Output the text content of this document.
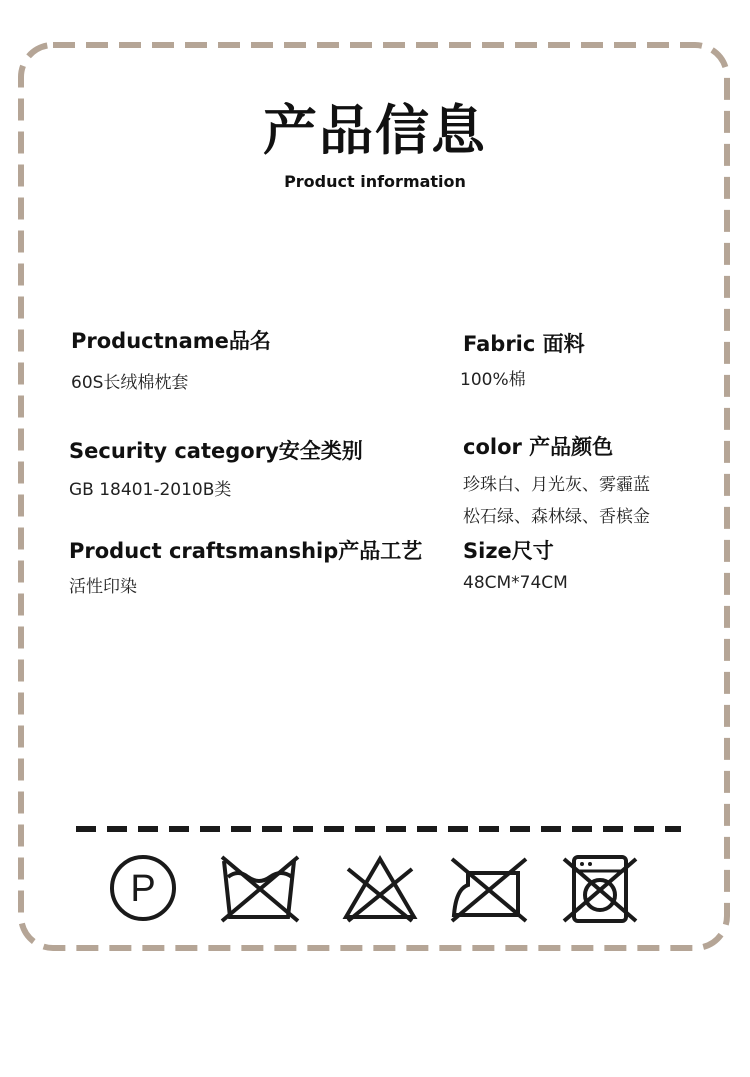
产品信息
Product information
Productname品名
60S长绒棉枕套
Security category安全类别
GB 18401-2010B类
Product craftsmanship产品工艺
活性印染
Fabric 面料
100%棉
color 产品颜色
珍珠白、月光灰、雾霾蓝
松石绿、森林绿、香槟金
Size尺寸
48CM*74CM
P
